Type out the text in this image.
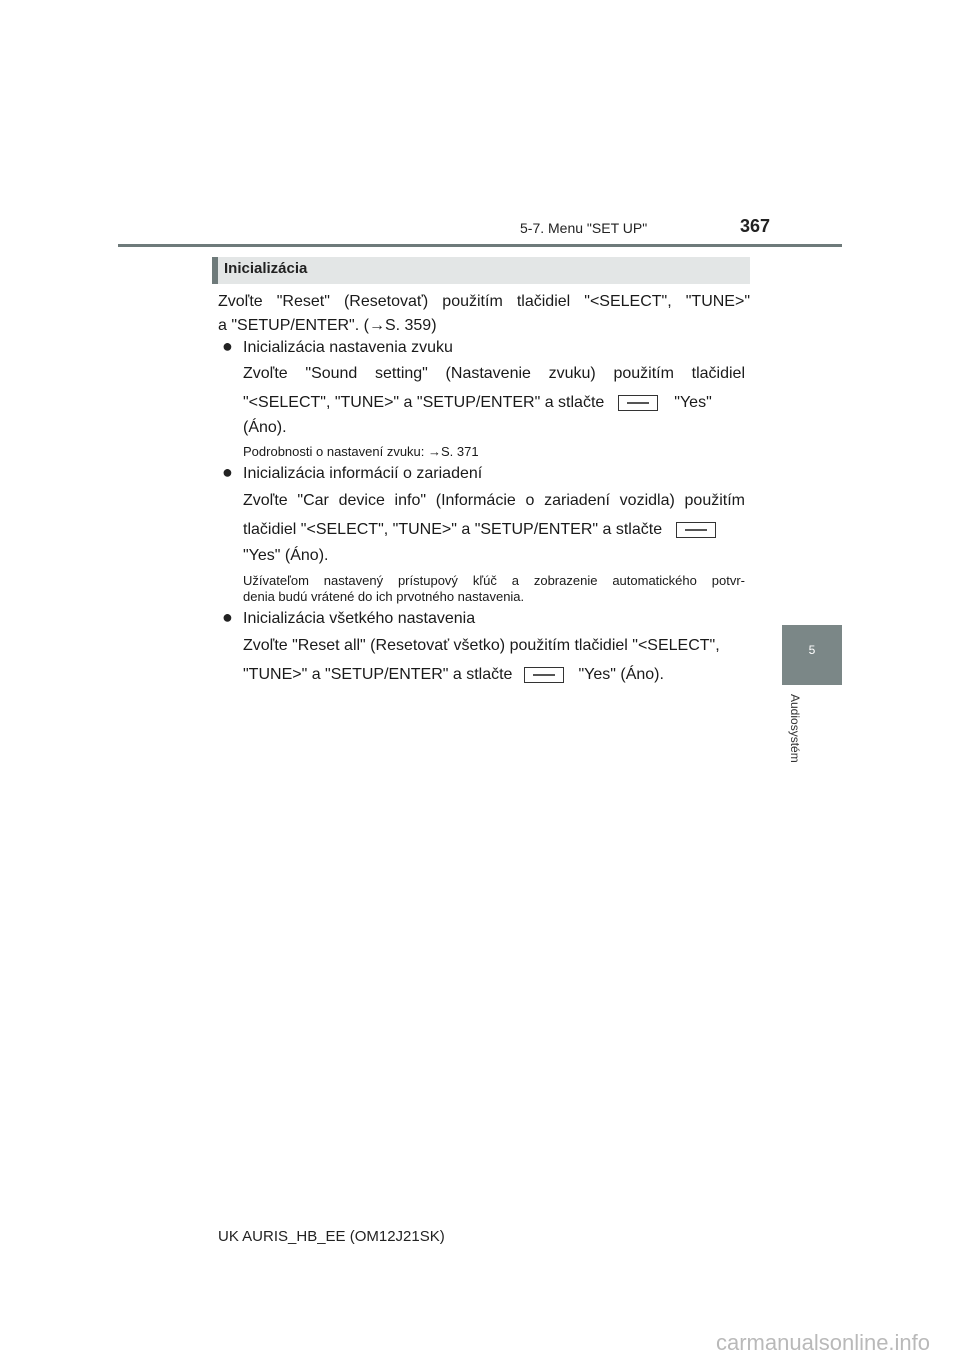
5-7. Menu "SET UP"	367
Inicializácia
5
Audiosystém
Zvoľte "Reset" (Resetovať) použitím tlačidiel "<SELECT", "TUNE>"
a "SETUP/ENTER". (→S. 359)
● Inicializácia nastavenia zvuku
Zvoľte "Sound setting" (Nastavenie zvuku) použitím tlačidiel
"<SELECT", "TUNE>" a "SETUP/ENTER" a stlačte	"Yes"
(Áno).
Podrobnosti o nastavení zvuku: →S. 371
● Inicializácia informácií o zariadení
Zvoľte "Car device info" (Informácie o zariadení vozidla) použitím
tlačidiel "<SELECT", "TUNE>" a "SETUP/ENTER" a stlačte
"Yes" (Áno).
Užívateľom nastavený prístupový kľúč a zobrazenie automatického potvr-
denia budú vrátené do ich prvotného nastavenia.
● Inicializácia všetkého nastavenia
Zvoľte "Reset all" (Resetovať všetko) použitím tlačidiel "<SELECT",
"TUNE>" a "SETUP/ENTER" a stlačte	"Yes" (Áno).
UK AURIS_HB_EE (OM12J21SK)
carmanualsonline.info
